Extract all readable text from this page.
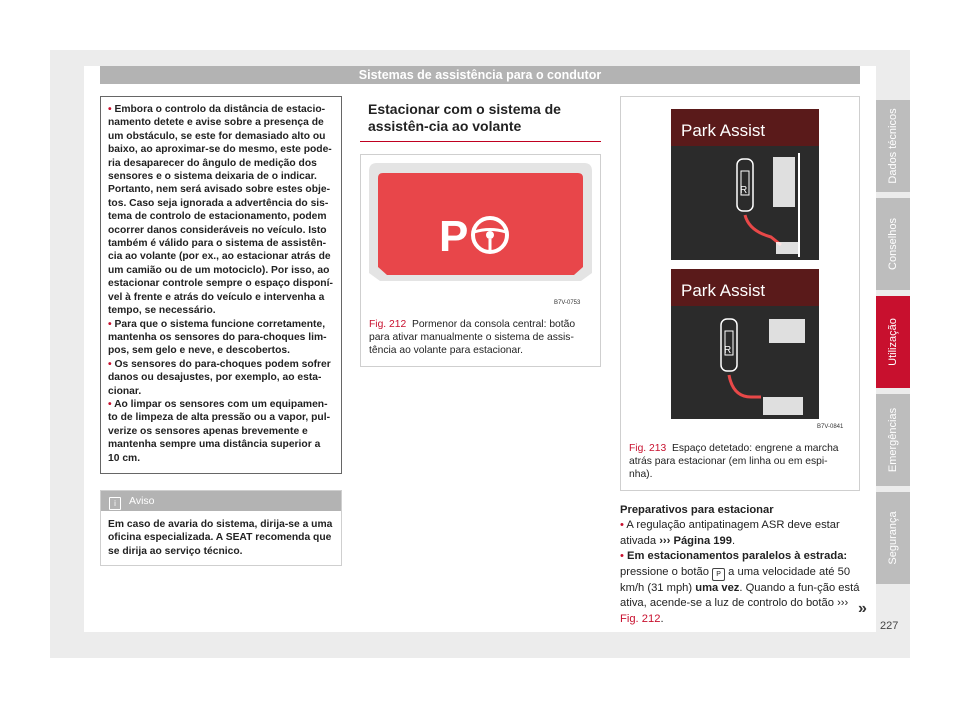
Sistemas de assistência para o condutor

• Embora o controlo da distância de estacio-namento detete e avise sobre a presença de um obstáculo, se este for demasiado alto ou baixo, ao aproximar-se do mesmo, este pode-ria desaparecer do ângulo de medição dos sensores e o sistema deixaria de o indicar. Portanto, nem será avisado sobre estes obje-tos. Caso seja ignorada a advertência do sis-tema de controlo de estacionamento, podem ocorrer danos consideráveis no veículo. Isto também é válido para o sistema de assistên-cia ao volante (por ex., ao estacionar atrás de um camião ou de um motociclo). Por isso, ao estacionar controle sempre o espaço disponí-vel à frente e atrás do veículo e intervenha a tempo, se necessário.

• Para que o sistema funcione corretamente, mantenha os sensores do para-choques lim-pos, sem gelo e neve, e descobertos.

• Os sensores do para-choques podem sofrer danos ou desajustes, por exemplo, ao esta-cionar.

• Ao limpar os sensores com um equipamen-to de limpeza de alta pressão ou a vapor, pul-verize os sensores apenas brevemente e mantenha sempre uma distância superior a 10 cm.

i Aviso
Em caso de avaria do sistema, dirija-se a uma oficina especializada. A SEAT recomenda que se dirija ao serviço técnico.
Estacionar com o sistema de assistên-cia ao volante
P
B7V-0753
Fig. 212 Pormenor da consola central: botão para ativar manualmente o sistema de assis-tência ao volante para estacionar.
Park Assist
R
Park Assist
R
B7V-0841
Fig. 213 Espaço detetado: engrene a marcha atrás para estacionar (em linha ou em espi-nha).

Preparativos para estacionar

• A regulação antipatinagem ASR deve estar ativada ››› Página 199.

• Em estacionamentos paralelos à estrada: pressione o botão P a uma velocidade até 50 km/h (31 mph) uma vez. Quando a fun-ção está ativa, acende-se a luz de controlo do botão ››› Fig. 212.

»
Dados técnicos
Conselhos
Utilização
Emergências
Segurança
227
